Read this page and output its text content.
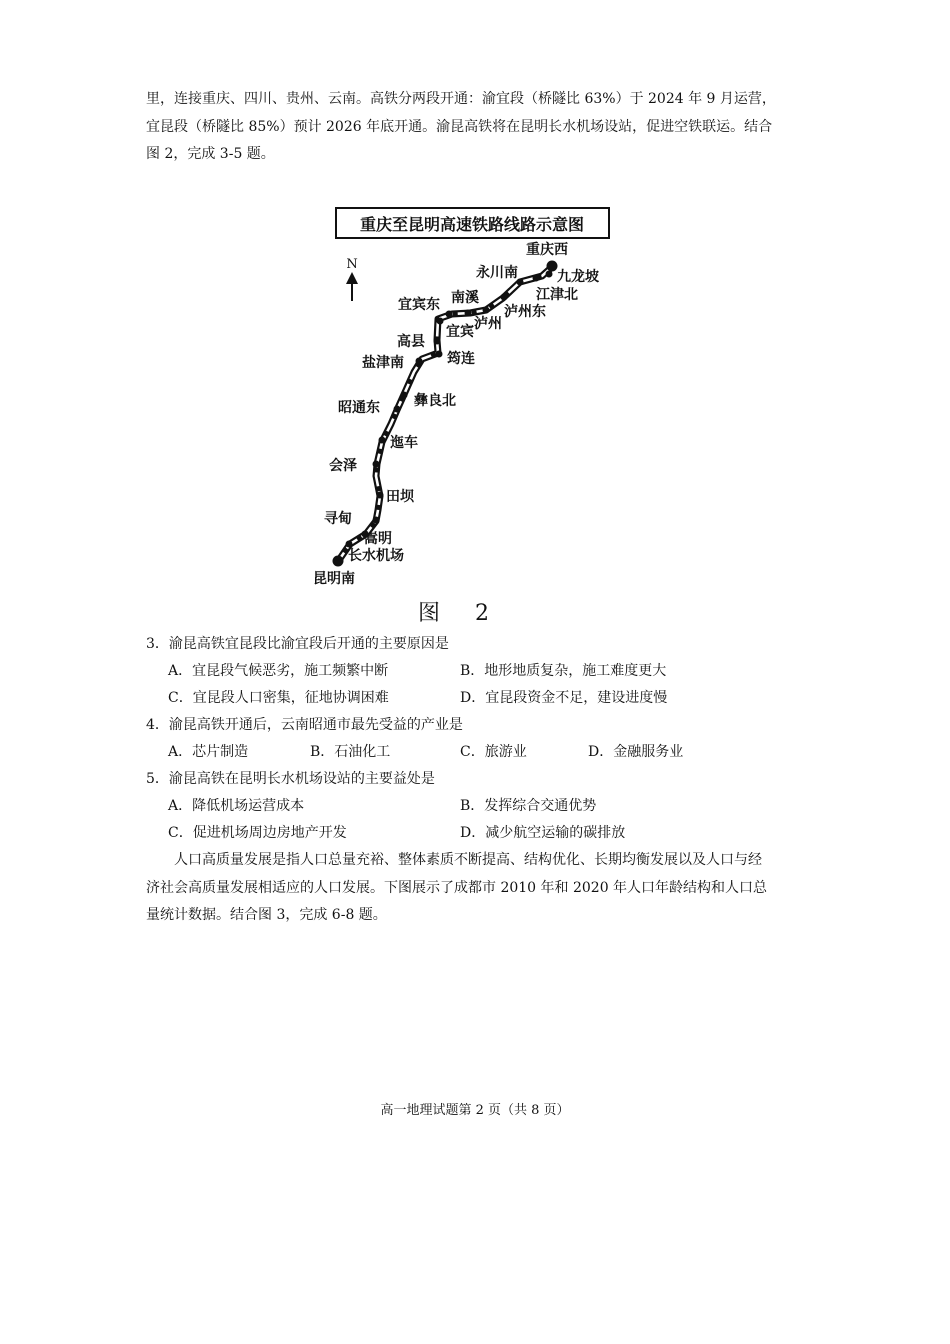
里，连接重庆、四川、贵州、云南。高铁分两段开通：渝宜段（桥隧比 63%）于 2024 年 9 月运营，
宜昆段（桥隧比 85%）预计 2026 年底开通。渝昆高铁将在昆明长水机场设站，促进空铁联运。结合
图 2，完成 3-5 题。
重庆至昆明高速铁路线路示意图
N
重庆西
九龙坡
永川南
江津北
泸州东
泸州
南溪
宜宾东
宜宾
高县
筠连
盐津南
彝良北
昭通东
迤车
会泽
田坝
寻甸
嵩明
长水机场
昆明南

图 2

3．渝昆高铁宜昆段比渝宜段后开通的主要原因是

A．宜昆段气候恶劣，施工频繁中断	B．地形地质复杂，施工难度更大
C．宜昆段人口密集，征地协调困难	D．宜昆段资金不足，建设进度慢

4．渝昆高铁开通后，云南昭通市最先受益的产业是

A．芯片制造	B．石油化工	C．旅游业	D．金融服务业

5．渝昆高铁在昆明长水机场设站的主要益处是

A．降低机场运营成本	B．发挥综合交通优势
C．促进机场周边房地产开发	D．减少航空运输的碳排放
人口高质量发展是指人口总量充裕、整体素质不断提高、结构优化、长期均衡发展以及人口与经
济社会高质量发展相适应的人口发展。下图展示了成都市 2010 年和 2020 年人口年龄结构和人口总
量统计数据。结合图 3，完成 6-8 题。

高一地理试题第 2 页（共 8 页）
